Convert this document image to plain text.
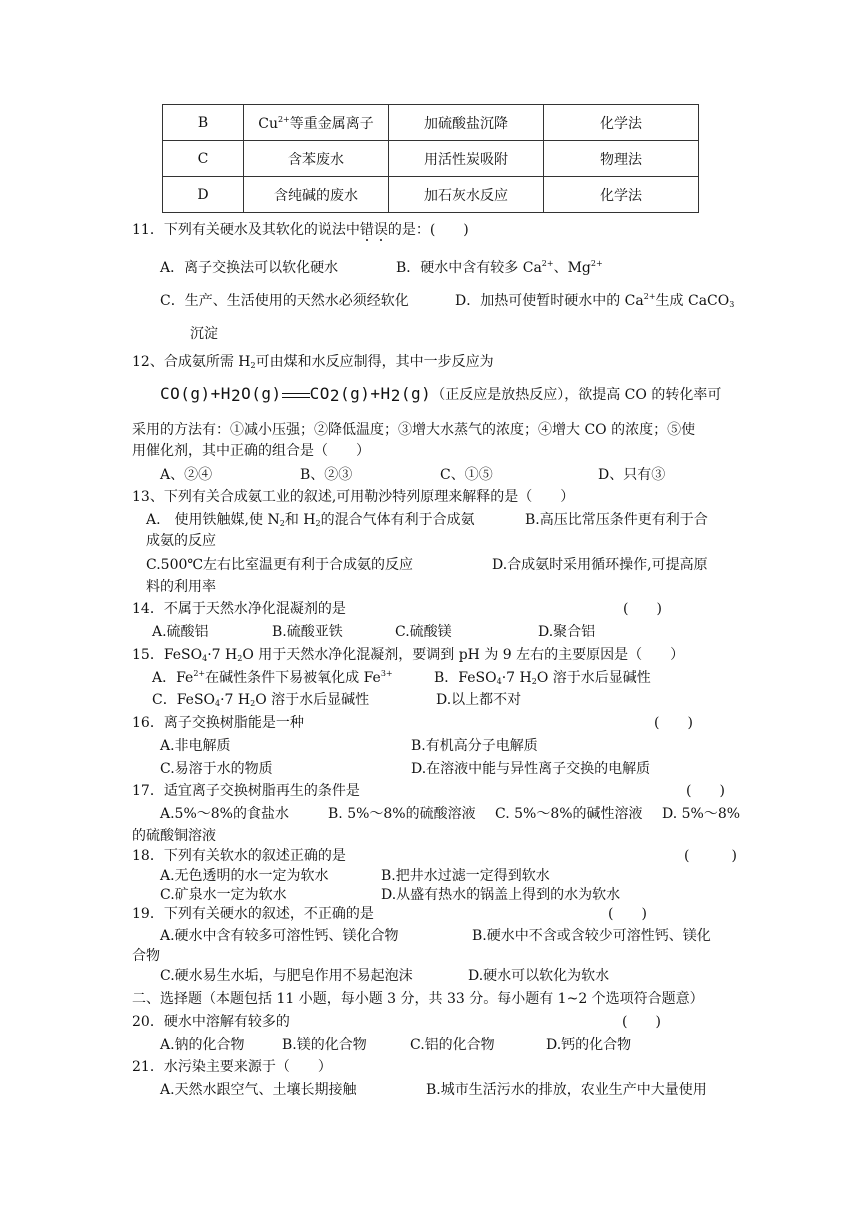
B	$Cu^{2+}$等重金属离子	加硫酸盐沉降	化学法
C	含苯废水	用活性炭吸附	物理法
D	含纯碱的废水	加石灰水反应	化学法
11．下列有关硬水及其软化的说法中错误的是：(　　)
A．离子交换法可以软化硬水	B．硬水中含有较多 $Ca^{2+}$、$Mg^{2+}$
C．生产、生活使用的天然水必须经软化	D．加热可使暂时硬水中的 $Ca^{2+}$生成 CaCO$_3$
沉淀
12、合成氨所需 $H_2$可由煤和水反应制得，其中一步反应为
$CO(g)+H_2O(g)$ $CO_2(g)+H_2(g)$（正反应是放热反应），欲提高 CO 的转化率可
采用的方法有：①减小压强；②降低温度；③增大水蒸气的浓度；④增大 CO 的浓度；⑤使
用催化剂，其中正确的组合是（　　）
A、②④	B、②③	C、①⑤	D、只有③
13、下列有关合成氨工业的叙述,可用勒沙特列原理来解释的是（　　）
A.　使用铁触媒,使 $N_2$和 $H_2$的混合气体有利于合成氨	B.高压比常压条件更有利于合
成氨的反应
C.500℃左右比室温更有利于合成氨的反应	D.合成氨时采用循环操作,可提高原
料的利用率
14．不属于天然水净化混凝剂的是	(　　)
A.硫酸铝	B.硫酸亚铁	C.硫酸镁	D.聚合铝
15．FeSO$_4$·7 $H_2O$ 用于天然水净化混凝剂，要调到 pH 为 9 左右的主要原因是（　　）
A．$Fe^{2+}$在碱性条件下易被氧化成 $Fe^{3+}$	B．FeSO$_4$·7 $H_2O$ 溶于水后显碱性
C．FeSO$_4$·7 $H_2O$ 溶于水后显碱性	D.以上都不对
16．离子交换树脂能是一种	(　　)
A.非电解质	B.有机高分子电解质
C.易溶于水的物质	D.在溶液中能与异性离子交换的电解质
17．适宜离子交换树脂再生的条件是	(　　)
A.5%～8%的食盐水	B. 5%～8%的硫酸溶液 C. 5%～8%的碱性溶液 D. 5%～8%
的硫酸铜溶液
18．下列有关软水的叙述正确的是	(　　　)
A.无色透明的水一定为软水	B.把井水过滤一定得到软水
C.矿泉水一定为软水	D.从盛有热水的锅盖上得到的水为软水
19．下列有关硬水的叙述，不正确的是	(　　)
A.硬水中含有较多可溶性钙、镁化合物	B.硬水中不含或含较少可溶性钙、镁化
合物
C.硬水易生水垢，与肥皂作用不易起泡沫	D.硬水可以软化为软水
二、选择题（本题包括 11 小题，每小题 3 分，共 33 分。每小题有 1~2 个选项符合题意）
20．硬水中溶解有较多的	(　　)
A.钠的化合物	B.镁的化合物	C.铝的化合物	D.钙的化合物
21．水污染主要来源于（　　）
A.天然水跟空气、土壤长期接触	B.城市生活污水的排放，农业生产中大量使用
